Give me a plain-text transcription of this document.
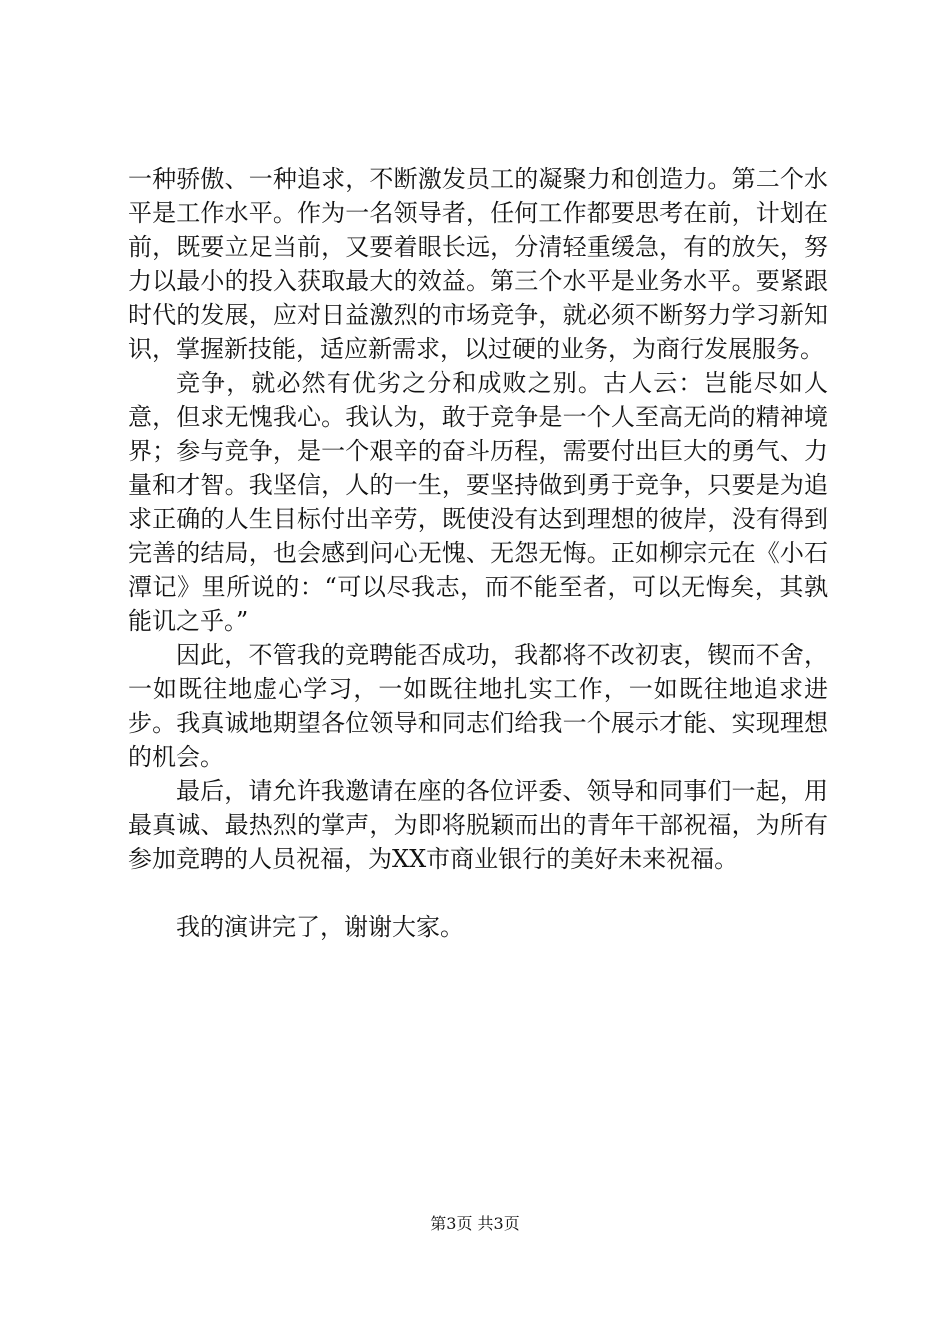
一种骄傲、一种追求，不断激发员工的凝聚力和创造力。第二个水平是工作水平。作为一名领导者，任何工作都要思考在前，计划在前，既要立足当前，又要着眼长远，分清轻重缓急，有的放矢，努力以最小的投入获取最大的效益。第三个水平是业务水平。要紧跟时代的发展，应对日益激烈的市场竞争，就必须不断努力学习新知识，掌握新技能，适应新需求，以过硬的业务，为商行发展服务。

竞争，就必然有优劣之分和成败之别。古人云：岂能尽如人意，但求无愧我心。我认为，敢于竞争是一个人至高无尚的精神境界；参与竞争，是一个艰辛的奋斗历程，需要付出巨大的勇气、力量和才智。我坚信，人的一生，要坚持做到勇于竞争，只要是为追求正确的人生目标付出辛劳，既使没有达到理想的彼岸，没有得到完善的结局，也会感到问心无愧、无怨无悔。正如柳宗元在《小石潭记》里所说的：“可以尽我志，而不能至者，可以无悔矣，其孰能讥之乎。”

因此，不管我的竞聘能否成功，我都将不改初衷，锲而不舍，一如既往地虚心学习，一如既往地扎实工作，一如既往地追求进步。我真诚地期望各位领导和同志们给我一个展示才能、实现理想的机会。

最后，请允许我邀请在座的各位评委、领导和同事们一起，用最真诚、最热烈的掌声，为即将脱颖而出的青年干部祝福，为所有参加竞聘的人员祝福，为XX市商业银行的美好未来祝福。

我的演讲完了，谢谢大家。

第3页 共3页
